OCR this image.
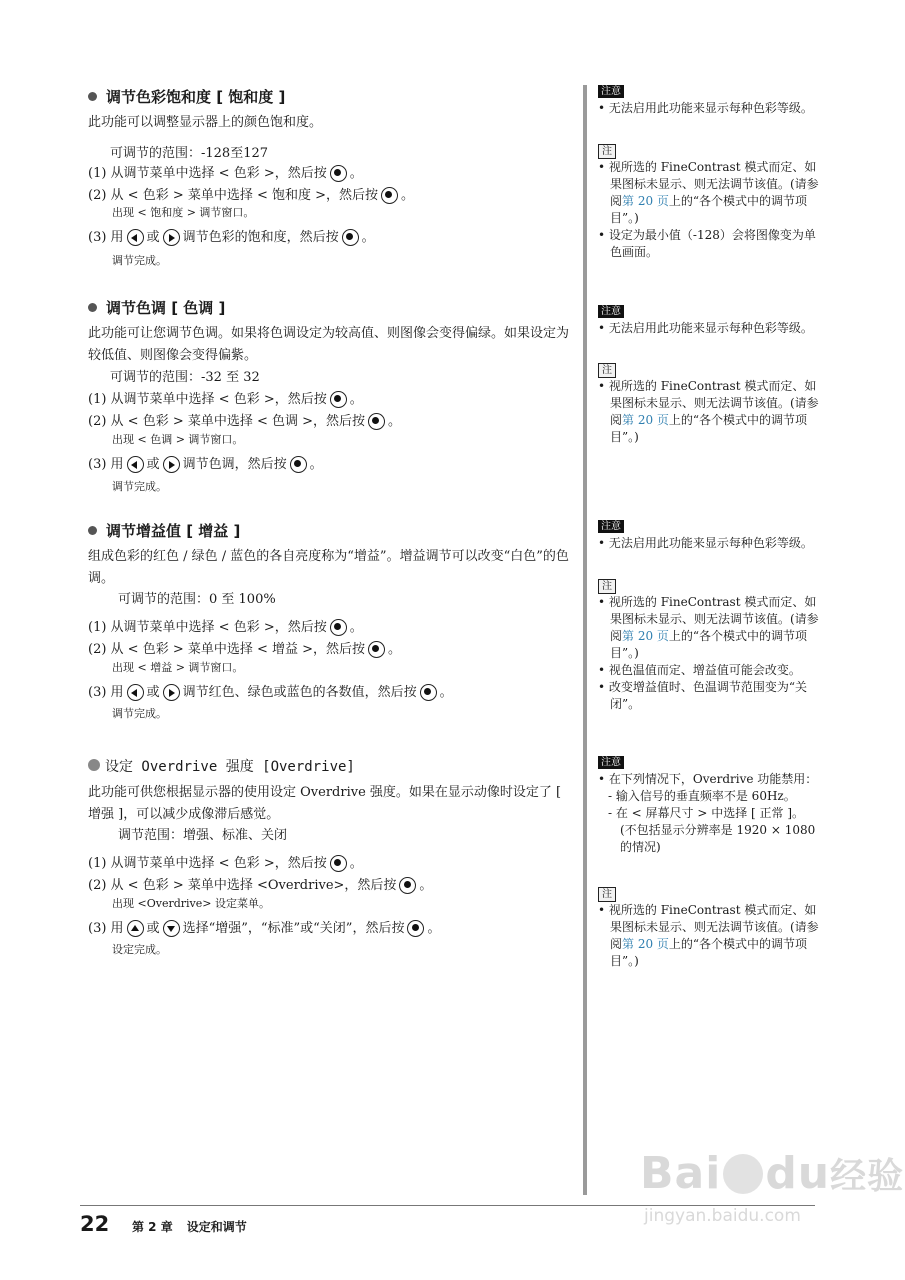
调节色彩饱和度 [ 饱和度 ]
此功能可以调整显示器上的颜色饱和度。
可调节的范围：-128至127
(1) 从调节菜单中选择 < 色彩 >，然后按 。
(2) 从 < 色彩 > 菜单中选择 < 饱和度 >，然后按 。
出现 < 饱和度 > 调节窗口。
(3) 用 或 调节色彩的饱和度，然后按 。
调节完成。
调节色调 [ 色调 ]
此功能可让您调节色调。如果将色调设定为较高值、则图像会变得偏绿。如果设定为较低值、则图像会变得偏紫。
可调节的范围：-32 至 32
(1) 从调节菜单中选择 < 色彩 >，然后按 。
(2) 从 < 色彩 > 菜单中选择 < 色调 >，然后按 。
出现 < 色调 > 调节窗口。
(3) 用 或 调节色调，然后按 。
调节完成。
调节增益值 [ 增益 ]
组成色彩的红色 / 绿色 / 蓝色的各自亮度称为“增益”。增益调节可以改变“白色”的色调。
可调节的范围：0 至 100%
(1) 从调节菜单中选择 < 色彩 >，然后按 。
(2) 从 < 色彩 > 菜单中选择 < 增益 >，然后按 。
出现 < 增益 > 调节窗口。
(3) 用 或 调节红色、绿色或蓝色的各数值，然后按 。
调节完成。
设定 Overdrive 强度 [Overdrive]
此功能可供您根据显示器的使用设定 Overdrive 强度。如果在显示动像时设定了 [ 增强 ]，可以减少成像滞后感觉。
调节范围：增强、标准、关闭
(1) 从调节菜单中选择 < 色彩 >，然后按 。
(2) 从 < 色彩 > 菜单中选择 <Overdrive>，然后按 。
出现 <Overdrive> 设定菜单。
(3) 用 或 选择“增强”，“标准”或“关闭”，然后按 。
设定完成。
注意
• 无法启用此功能来显示每种色彩等级。
注
• 视所选的 FineContrast 模式而定、如果图标未显示、则无法调节该值。(请参阅第 20 页上的“各个模式中的调节项目”。)
• 设定为最小值（-128）会将图像变为单色画面。
注意
• 无法启用此功能来显示每种色彩等级。
注
• 视所选的 FineContrast 模式而定、如果图标未显示、则无法调节该值。(请参阅第 20 页上的“各个模式中的调节项目”。)
注意
• 无法启用此功能来显示每种色彩等级。
注
• 视所选的 FineContrast 模式而定、如果图标未显示、则无法调节该值。(请参阅第 20 页上的“各个模式中的调节项目”。)
• 视色温值而定、增益值可能会改变。
• 改变增益值时、色温调节范围变为“关闭”。
注意
• 在下列情况下，Overdrive 功能禁用：
- 输入信号的垂直频率不是 60Hz。
- 在 < 屏幕尺寸 > 中选择 [ 正常 ]。
(不包括显示分辨率是 1920 × 1080 的情况)
注
• 视所选的 FineContrast 模式而定、如果图标未显示、则无法调节该值。(请参阅第 20 页上的“各个模式中的调节项目”。)
Bai du经验
jingyan.baidu.com
22 第 2 章 设定和调节
